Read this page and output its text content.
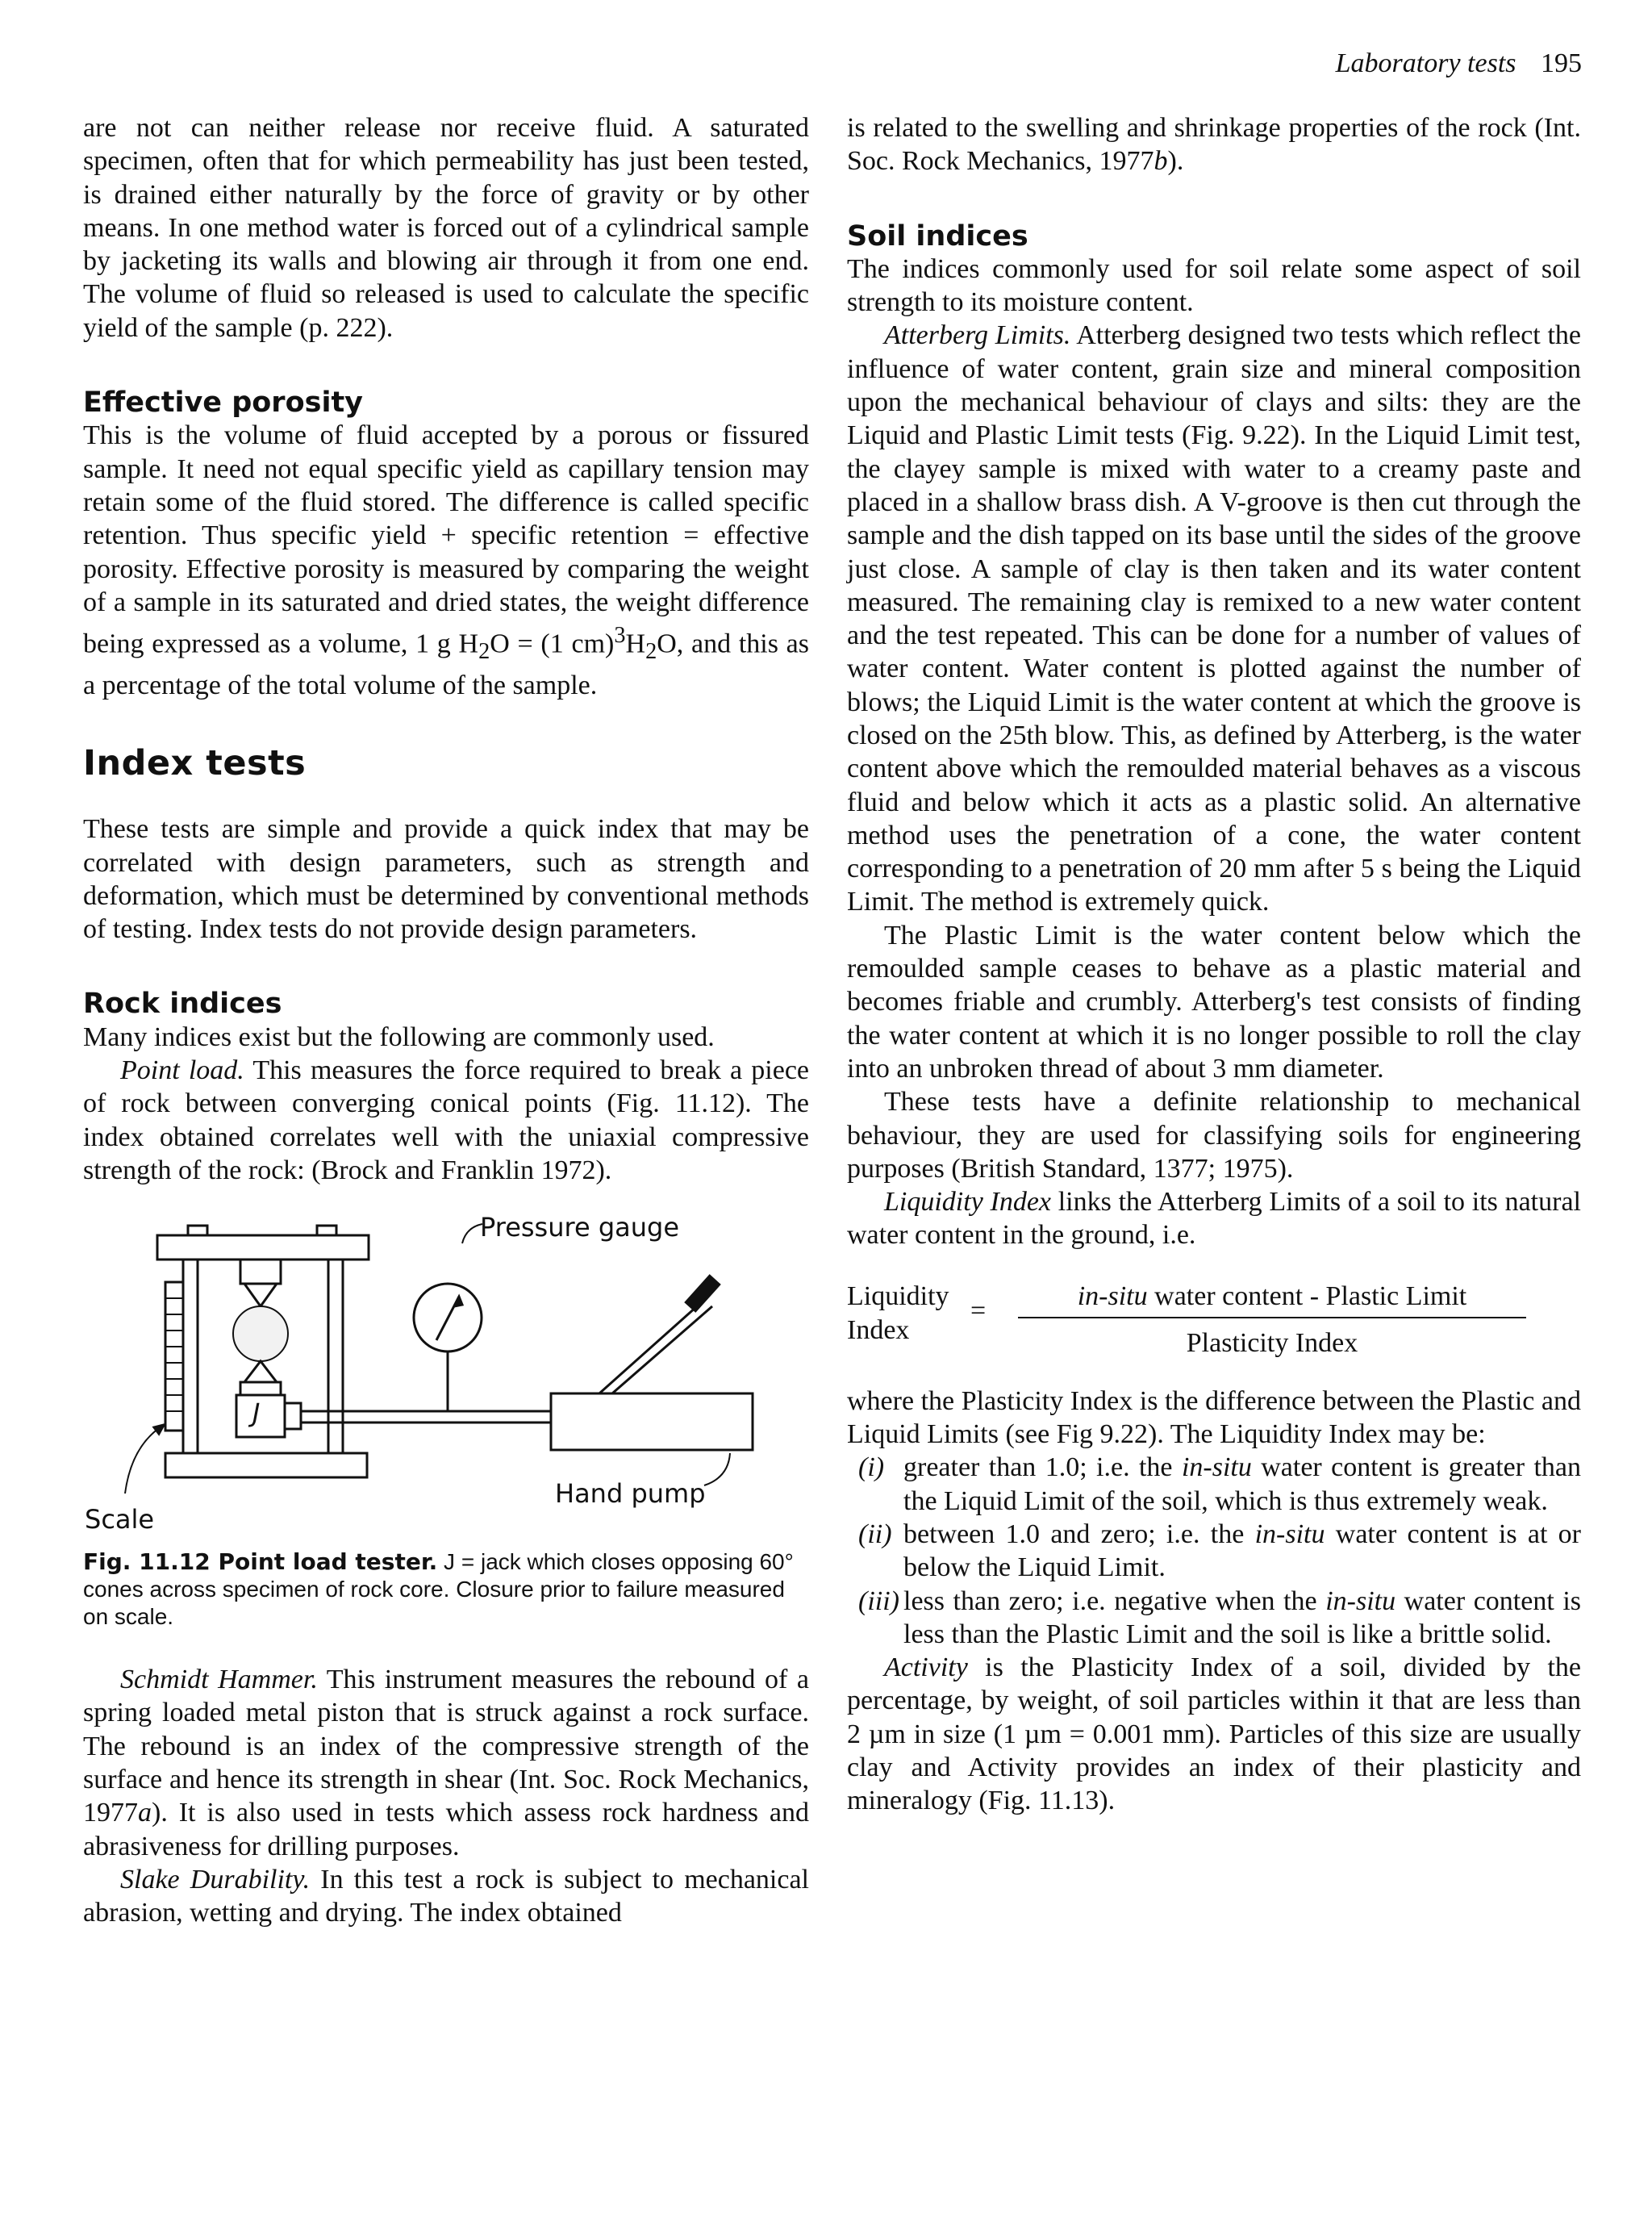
Laboratory tests 195

are not can neither release nor receive fluid. A saturated specimen, often that for which permeability has just been tested, is drained either naturally by the force of gravity or by other means. In one method water is forced out of a cylindrical sample by jacketing its walls and blowing air through it from one end. The volume of fluid so released is used to calculate the specific yield of the sample (p. 222).

Effective porosity

This is the volume of fluid accepted by a porous or fissured sample. It need not equal specific yield as capillary tension may retain some of the fluid stored. The difference is called specific retention. Thus specific yield + specific retention = effective porosity. Effective porosity is measured by comparing the weight of a sample in its saturated and dried states, the weight difference being expressed as a volume, 1 g $H_2O = (1$ $cm)^3H_2O$, and this as a percentage of the total volume of the sample.

Index tests

These tests are simple and provide a quick index that may be correlated with design parameters, such as strength and deformation, which must be determined by conventional methods of testing. Index tests do not provide design parameters.

Rock indices

Many indices exist but the following are commonly used.

Point load. This measures the force required to break a piece of rock between converging conical points (Fig. 11.12). The index obtained correlates well with the uniaxial compressive strength of the rock: (Brock and Franklin 1972).

Pressure gauge
J
Hand pump
Scale

Fig. 11.12 Point load tester. J = jack which closes opposing 60° cones across specimen of rock core. Closure prior to failure measured on scale.

Schmidt Hammer. This instrument measures the rebound of a spring loaded metal piston that is struck against a rock surface. The rebound is an index of the compressive strength of the surface and hence its strength in shear (Int. Soc. Rock Mechanics, 1977a). It is also used in tests which assess rock hardness and abrasiveness for drilling purposes.

Slake Durability. In this test a rock is subject to mechanical abrasion, wetting and drying. The index obtained

is related to the swelling and shrinkage properties of the rock (Int. Soc. Rock Mechanics, 1977b).

Soil indices

The indices commonly used for soil relate some aspect of soil strength to its moisture content.

Atterberg Limits. Atterberg designed two tests which reflect the influence of water content, grain size and mineral composition upon the mechanical behaviour of clays and silts: they are the Liquid and Plastic Limit tests (Fig. 9.22). In the Liquid Limit test, the clayey sample is mixed with water to a creamy paste and placed in a shallow brass dish. A V-groove is then cut through the sample and the dish tapped on its base until the sides of the groove just close. A sample of clay is then taken and its water content measured. The remaining clay is remixed to a new water content and the test repeated. This can be done for a number of values of water content. Water content is plotted against the number of blows; the Liquid Limit is the water content at which the groove is closed on the 25th blow. This, as defined by Atterberg, is the water content above which the remoulded material behaves as a viscous fluid and below which it acts as a plastic solid. An alternative method uses the penetration of a cone, the water content corresponding to a penetration of 20 mm after 5 s being the Liquid Limit. The method is extremely quick.

The Plastic Limit is the water content below which the remoulded sample ceases to behave as a plastic material and becomes friable and crumbly. Atterberg's test consists of finding the water content at which it is no longer possible to roll the clay into an unbroken thread of about 3 mm diameter.

These tests have a definite relationship to mechanical behaviour, they are used for classifying soils for engineering purposes (British Standard, 1377; 1975).

Liquidity Index links the Atterberg Limits of a soil to its natural water content in the ground, i.e.

Liquidity
Index
=	in-situ water content - Plastic Limit
Plasticity Index

where the Plasticity Index is the difference between the Plastic and Liquid Limits (see Fig 9.22). The Liquidity Index may be:

(i) greater than 1.0; i.e. the in-situ water content is greater than the Liquid Limit of the soil, which is thus extremely weak.
(ii) between 1.0 and zero; i.e. the in-situ water content is at or below the Liquid Limit.
(iii) less than zero; i.e. negative when the in-situ water content is less than the Plastic Limit and the soil is like a brittle solid.

Activity is the Plasticity Index of a soil, divided by the percentage, by weight, of soil particles within it that are less than 2 µm in size (1 µm = 0.001 mm). Particles of this size are usually clay and Activity provides an index of their plasticity and mineralogy (Fig. 11.13).
